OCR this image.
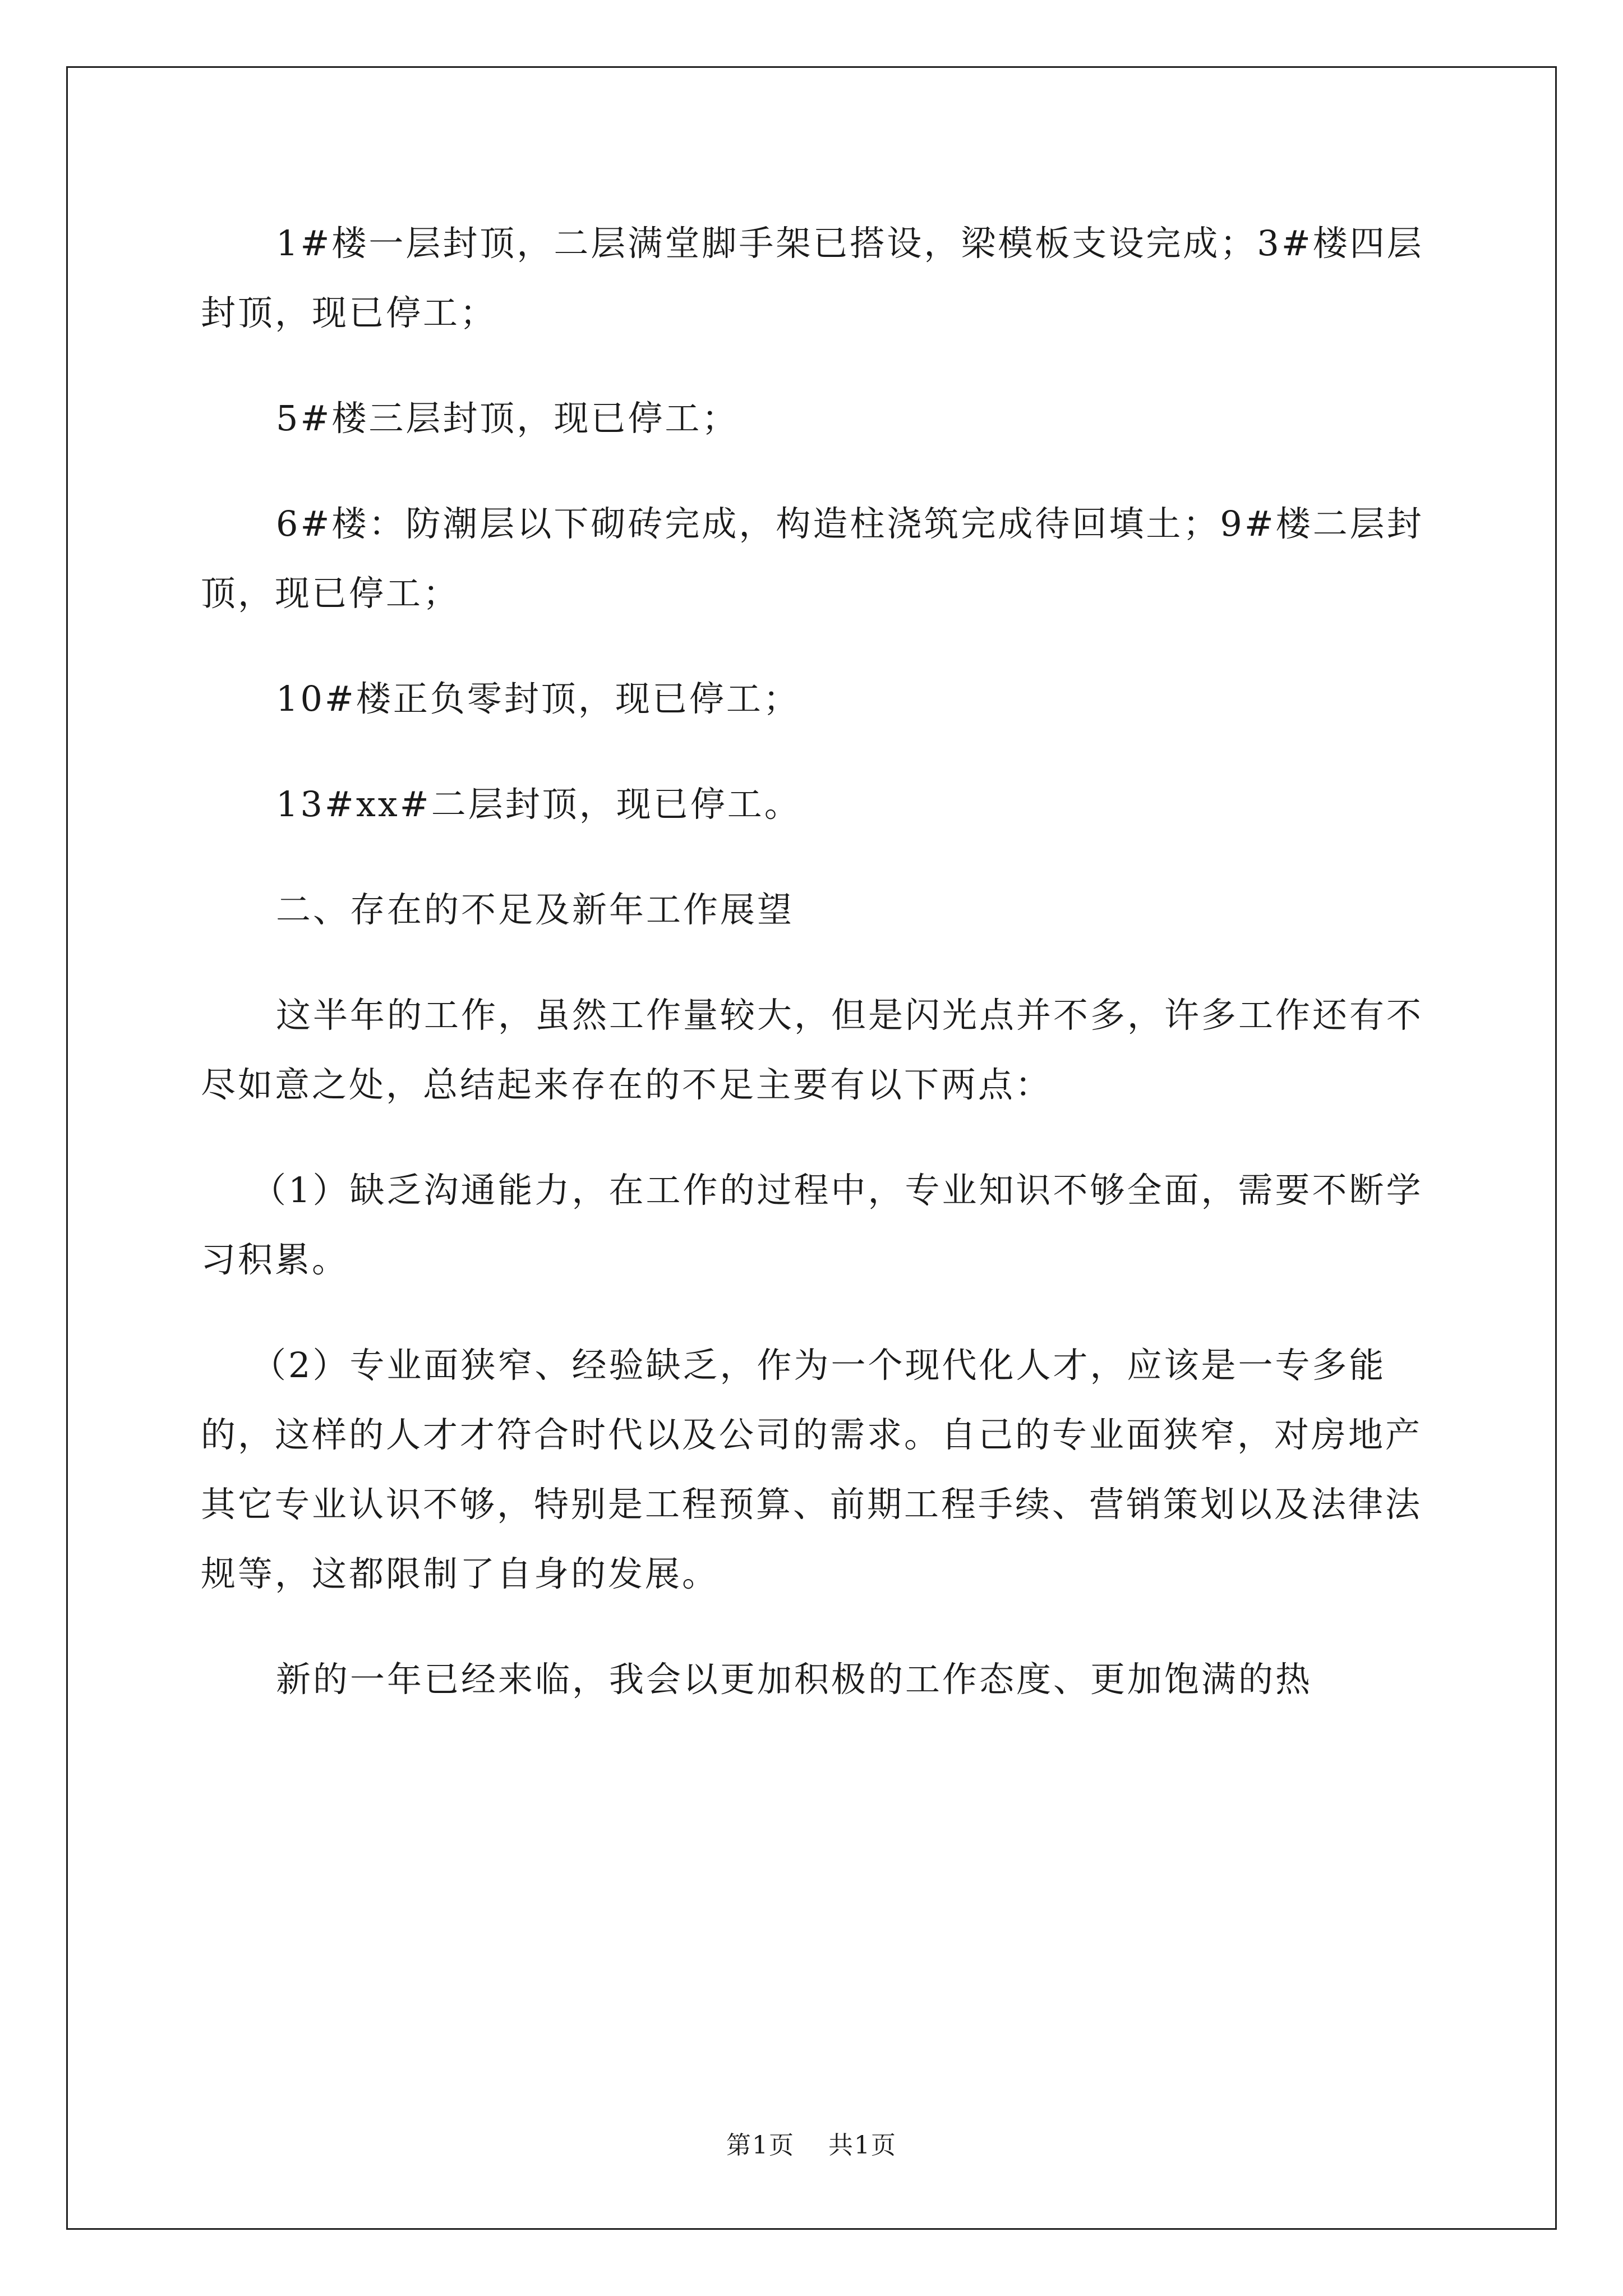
1#楼一层封顶，二层满堂脚手架已搭设，梁模板支设完成；3#楼四层封顶，现已停工；

5#楼三层封顶，现已停工；

6#楼：防潮层以下砌砖完成，构造柱浇筑完成待回填土；9#楼二层封顶，现已停工；

10#楼正负零封顶，现已停工；

13#xx#二层封顶，现已停工。

二、存在的不足及新年工作展望

这半年的工作，虽然工作量较大，但是闪光点并不多，许多工作还有不尽如意之处，总结起来存在的不足主要有以下两点：

（1）缺乏沟通能力，在工作的过程中，专业知识不够全面，需要不断学习积累。

（2）专业面狭窄、经验缺乏，作为一个现代化人才，应该是一专多能的，这样的人才才符合时代以及公司的需求。自己的专业面狭窄，对房地产其它专业认识不够，特别是工程预算、前期工程手续、营销策划以及法律法规等，这都限制了自身的发展。

新的一年已经来临，我会以更加积极的工作态度、更加饱满的热

第1页 共1页
